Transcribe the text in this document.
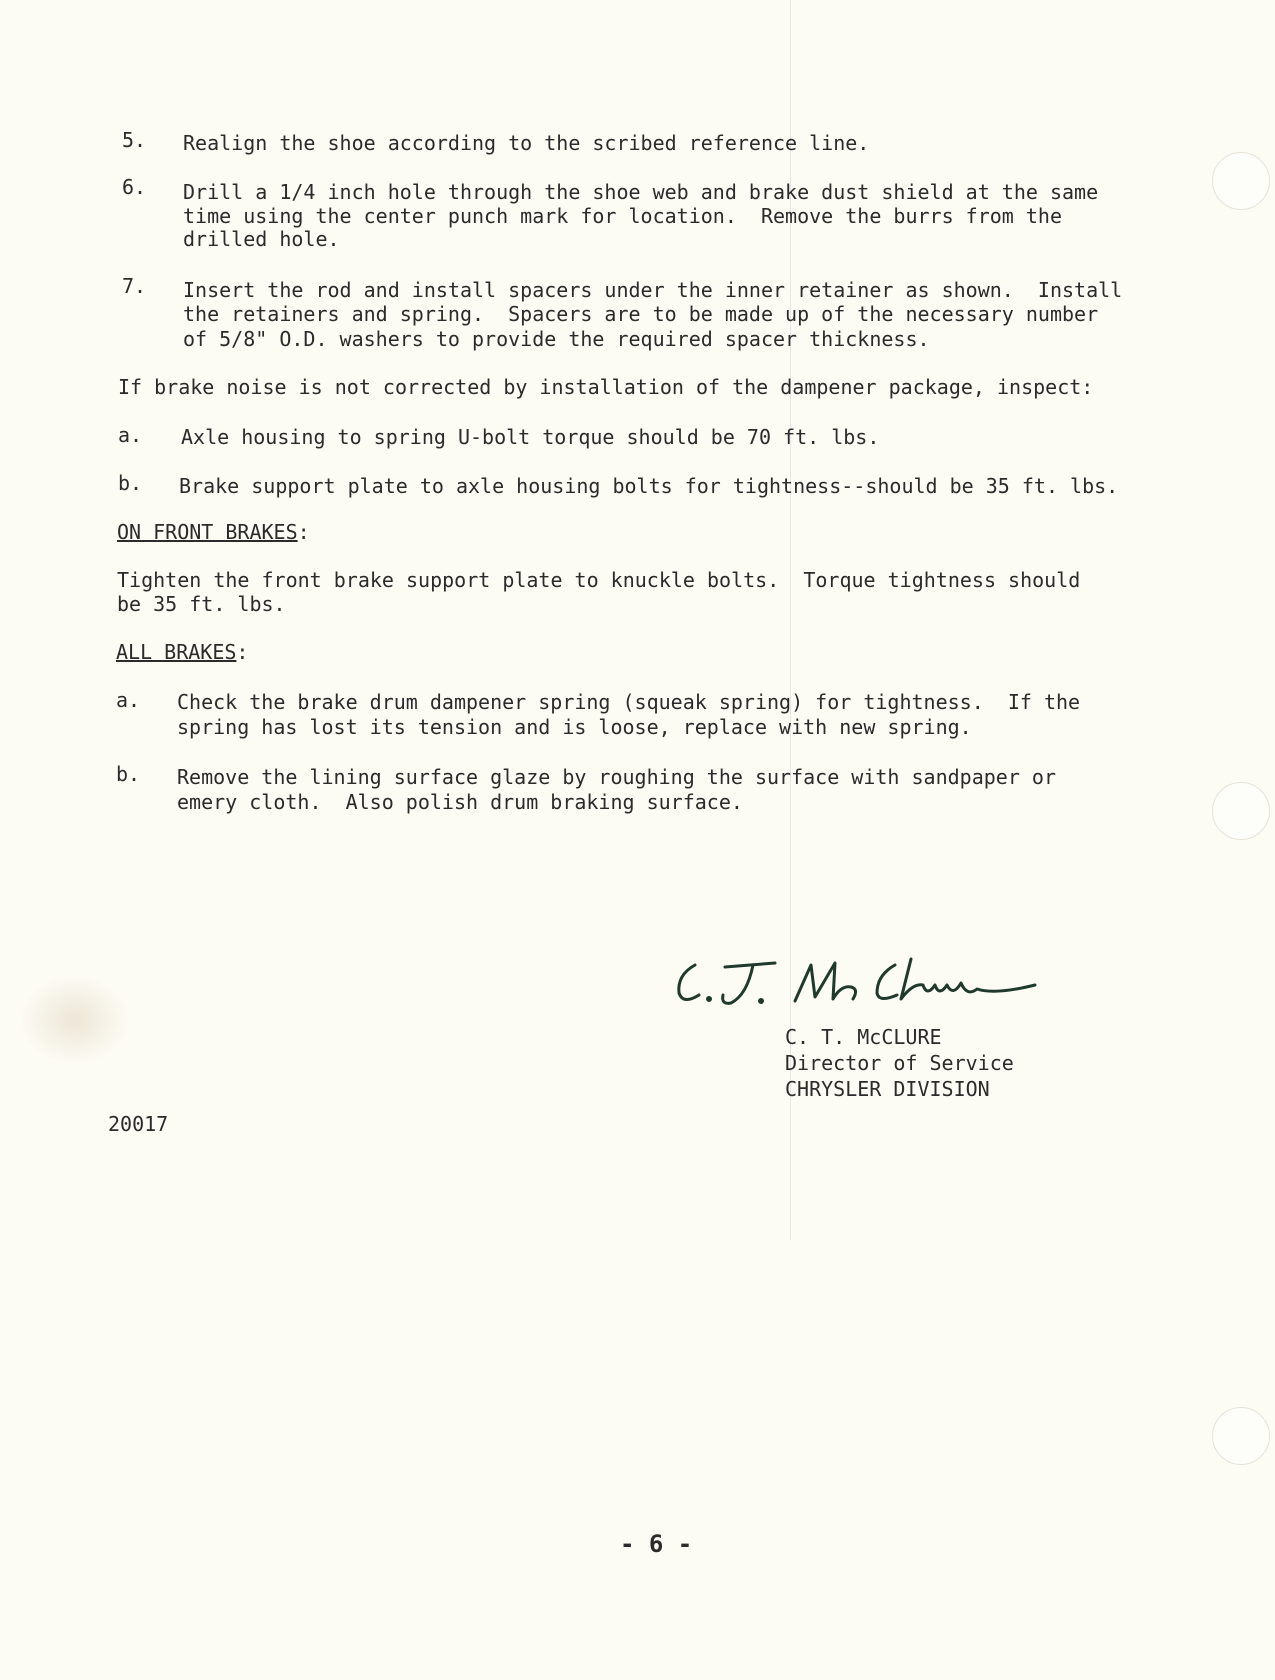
5. Realign the shoe according to the scribed reference line.
6. Drill a 1/4 inch hole through the shoe web and brake dust shield at the same
time using the center punch mark for location.  Remove the burrs from the
drilled hole.
7. Insert the rod and install spacers under the inner retainer as shown.  Install
the retainers and spring.  Spacers are to be made up of the necessary number
of 5/8" O.D. washers to provide the required spacer thickness.
If brake noise is not corrected by installation of the dampener package, inspect:
a. Axle housing to spring U-bolt torque should be 70 ft. lbs.
b. Brake support plate to axle housing bolts for tightness--should be 35 ft. lbs.
ON FRONT BRAKES:
Tighten the front brake support plate to knuckle bolts.  Torque tightness should
be 35 ft. lbs.
ALL BRAKES:
a. Check the brake drum dampener spring (squeak spring) for tightness.  If the
spring has lost its tension and is loose, replace with new spring.
b. Remove the lining surface glaze by roughing the surface with sandpaper or
emery cloth.  Also polish drum braking surface.
C. T. McCLURE
Director of Service
CHRYSLER DIVISION
20017
- 6 -
